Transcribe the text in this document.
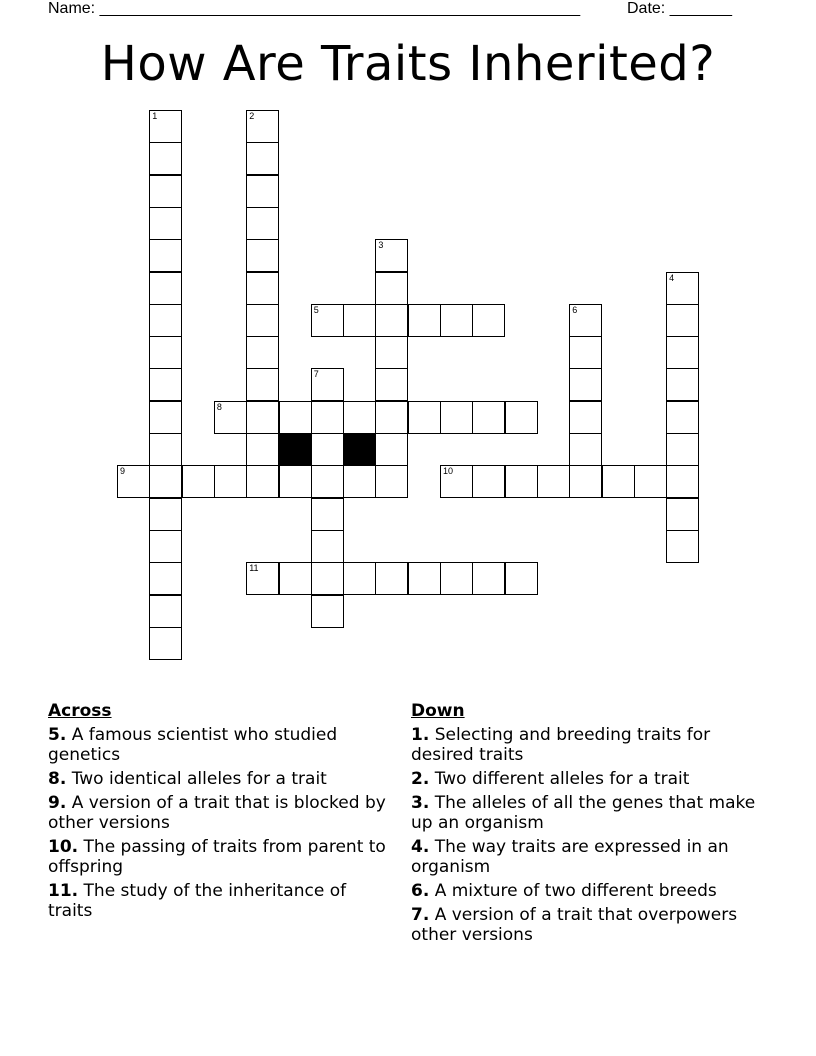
Name: ______________________________________________________	Date: _______
How Are Traits Inherited?
1	2
3
4
6
7
5
8
9	10
11
Across
5. A famous scientist who studied genetics
8. Two identical alleles for a trait
9. A version of a trait that is blocked by other versions
10. The passing of traits from parent to offspring
11. The study of the inheritance of traits
Down
1. Selecting and breeding traits for desired traits
2. Two different alleles for a trait
3. The alleles of all the genes that make up an organism
4. The way traits are expressed in an organism
6. A mixture of two different breeds
7. A version of a trait that overpowers other versions
